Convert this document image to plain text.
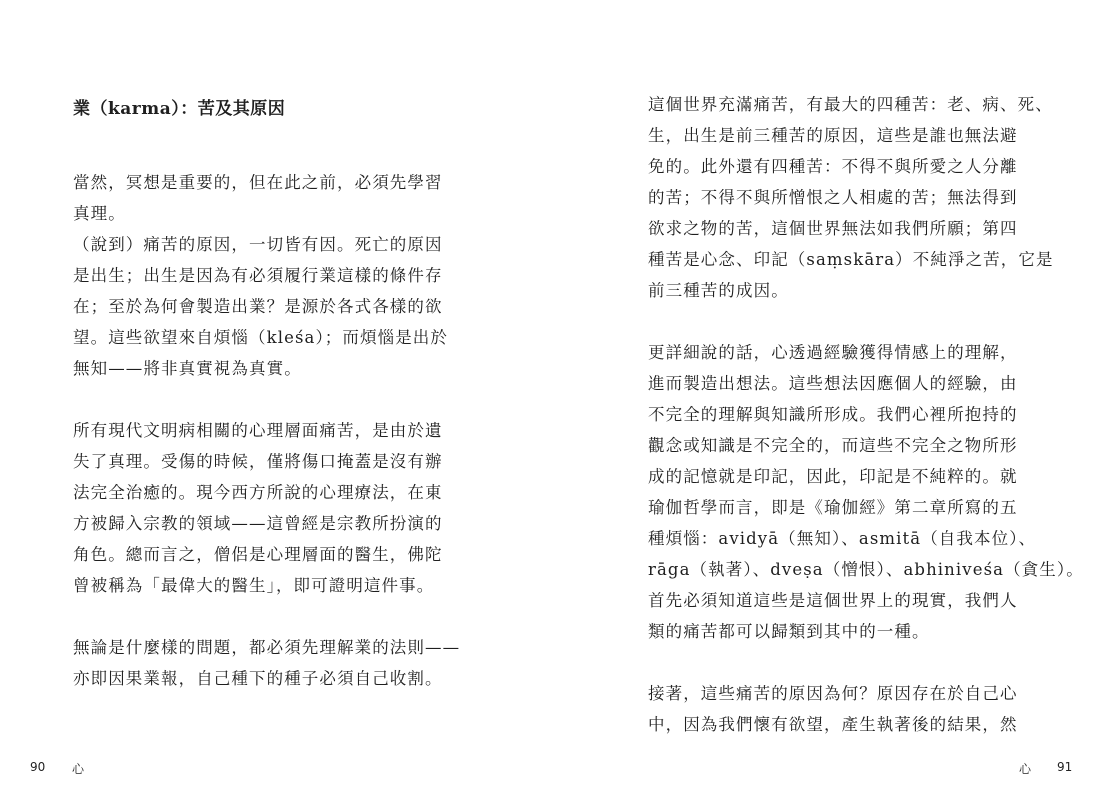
業（karma）：苦及其原因

當然，冥想是重要的，但在此之前，必須先學習
真理。

（說到）痛苦的原因，一切皆有因。死亡的原因
是出生；出生是因為有必須履行業這樣的條件存
在；至於為何會製造出業？是源於各式各樣的欲
望。這些欲望來自煩惱（kleśa）；而煩惱是出於
無知——將非真實視為真實。

所有現代文明病相關的心理層面痛苦，是由於遺
失了真理。受傷的時候，僅將傷口掩蓋是沒有辦
法完全治癒的。現今西方所說的心理療法，在東
方被歸入宗教的領域——這曾經是宗教所扮演的
角色。總而言之，僧侶是心理層面的醫生，佛陀
曾被稱為「最偉大的醫生」，即可證明這件事。

無論是什麼樣的問題，都必須先理解業的法則——
亦即因果業報，自己種下的種子必須自己收割。

90 心

這個世界充滿痛苦，有最大的四種苦：老、病、死、
生，出生是前三種苦的原因，這些是誰也無法避
免的。此外還有四種苦：不得不與所愛之人分離
的苦；不得不與所憎恨之人相處的苦；無法得到
欲求之物的苦，這個世界無法如我們所願；第四
種苦是心念、印記（saṃskāra）不純淨之苦，它是
前三種苦的成因。

更詳細說的話，心透過經驗獲得情感上的理解，
進而製造出想法。這些想法因應個人的經驗，由
不完全的理解與知識所形成。我們心裡所抱持的
觀念或知識是不完全的，而這些不完全之物所形
成的記憶就是印記，因此，印記是不純粹的。就
瑜伽哲學而言，即是《瑜伽經》第二章所寫的五
種煩惱：avidyā（無知）、asmitā（自我本位）、
rāga（執著）、dveṣa（憎恨）、abhiniveśa（貪生）。
首先必須知道這些是這個世界上的現實，我們人
類的痛苦都可以歸類到其中的一種。

接著，這些痛苦的原因為何？原因存在於自己心
中，因為我們懷有欲望，產生執著後的結果，然

心 91
